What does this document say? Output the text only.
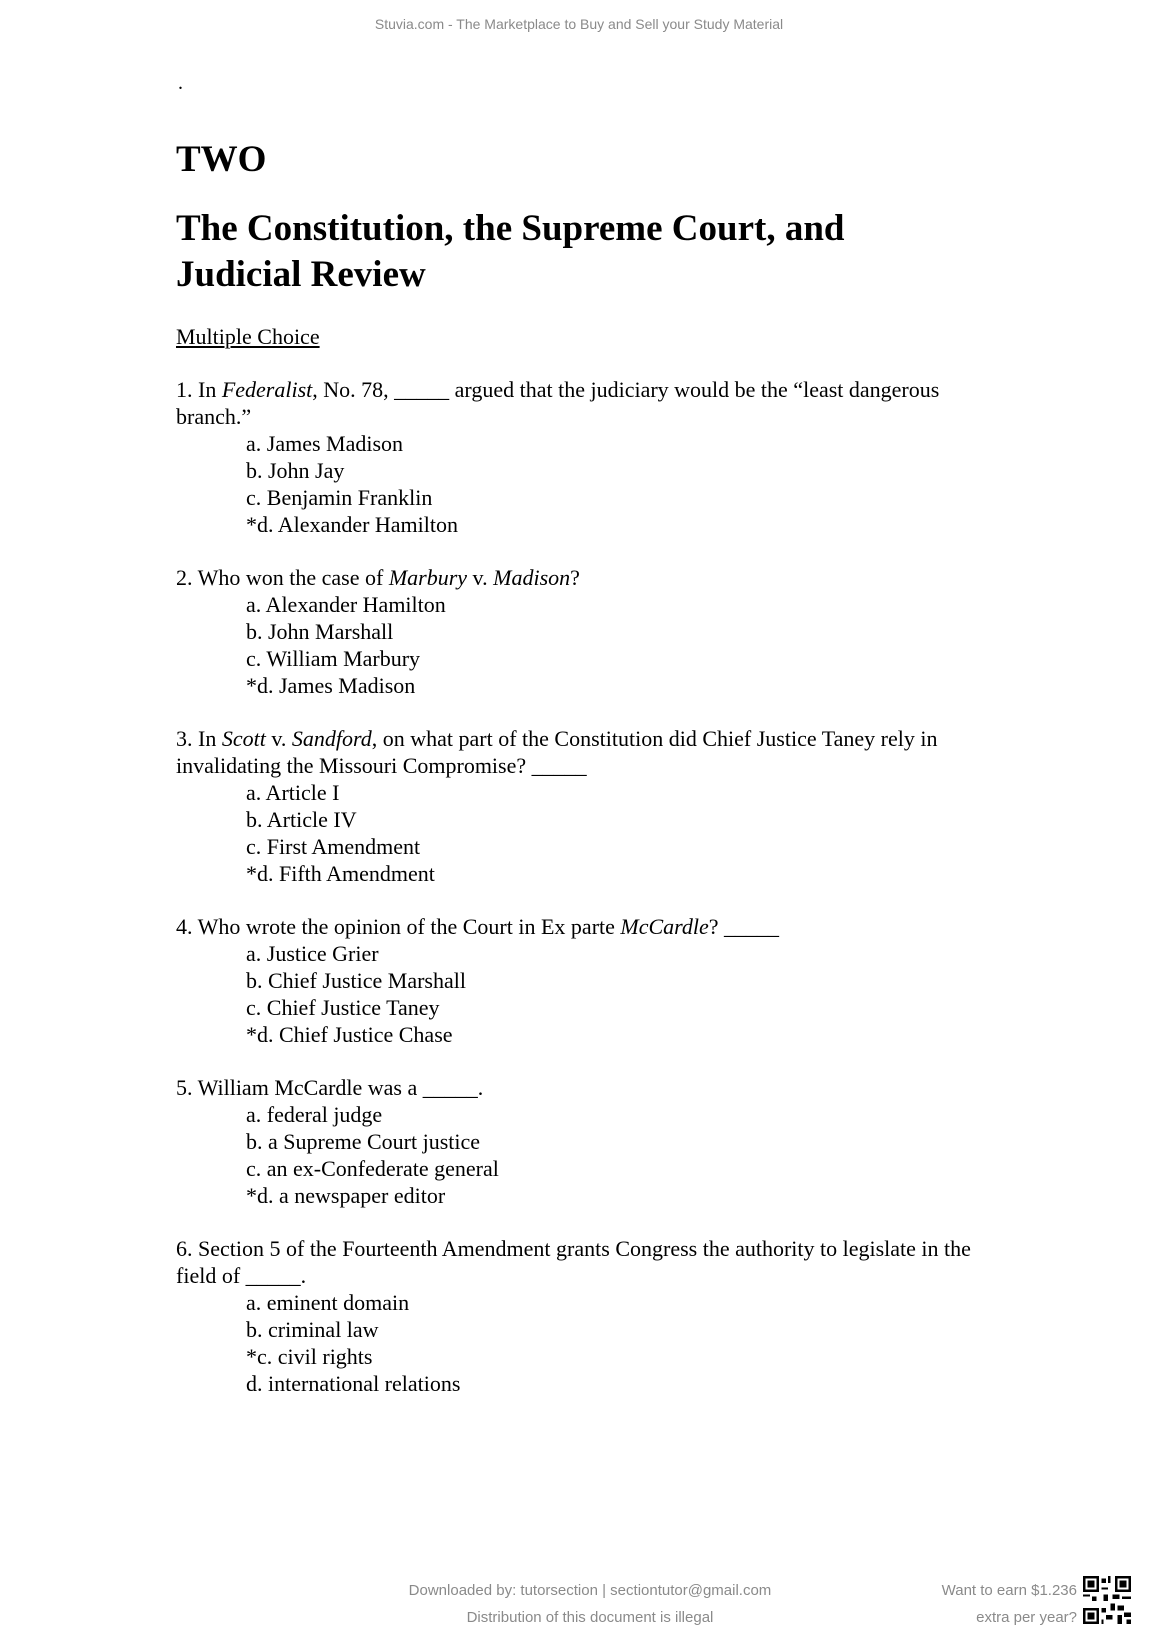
Stuvia.com - The Marketplace to Buy and Sell your Study Material
.
TWO
The Constitution, the Supreme Court, and Judicial Review
Multiple Choice

1. In Federalist, No. 78, _____ argued that the judiciary would be the “least dangerous branch.”

a. James Madison
b. John Jay
c. Benjamin Franklin
*d. Alexander Hamilton

2. Who won the case of Marbury v. Madison?

a. Alexander Hamilton
b. John Marshall
c. William Marbury
*d. James Madison

3. In Scott v. Sandford, on what part of the Constitution did Chief Justice Taney rely in invalidating the Missouri Compromise? _____

a. Article I
b. Article IV
c. First Amendment
*d. Fifth Amendment

4. Who wrote the opinion of the Court in Ex parte McCardle? _____

a. Justice Grier
b. Chief Justice Marshall
c. Chief Justice Taney
*d. Chief Justice Chase

5. William McCardle was a _____.

a. federal judge
b. a Supreme Court justice
c. an ex-Confederate general
*d. a newspaper editor

6. Section 5 of the Fourteenth Amendment grants Congress the authority to legislate in the field of _____.

a. eminent domain
b. criminal law
*c. civil rights
d. international relations
Downloaded by: tutorsection | sectiontutor@gmail.com
Distribution of this document is illegal
Want to earn $1.236
extra per year?
